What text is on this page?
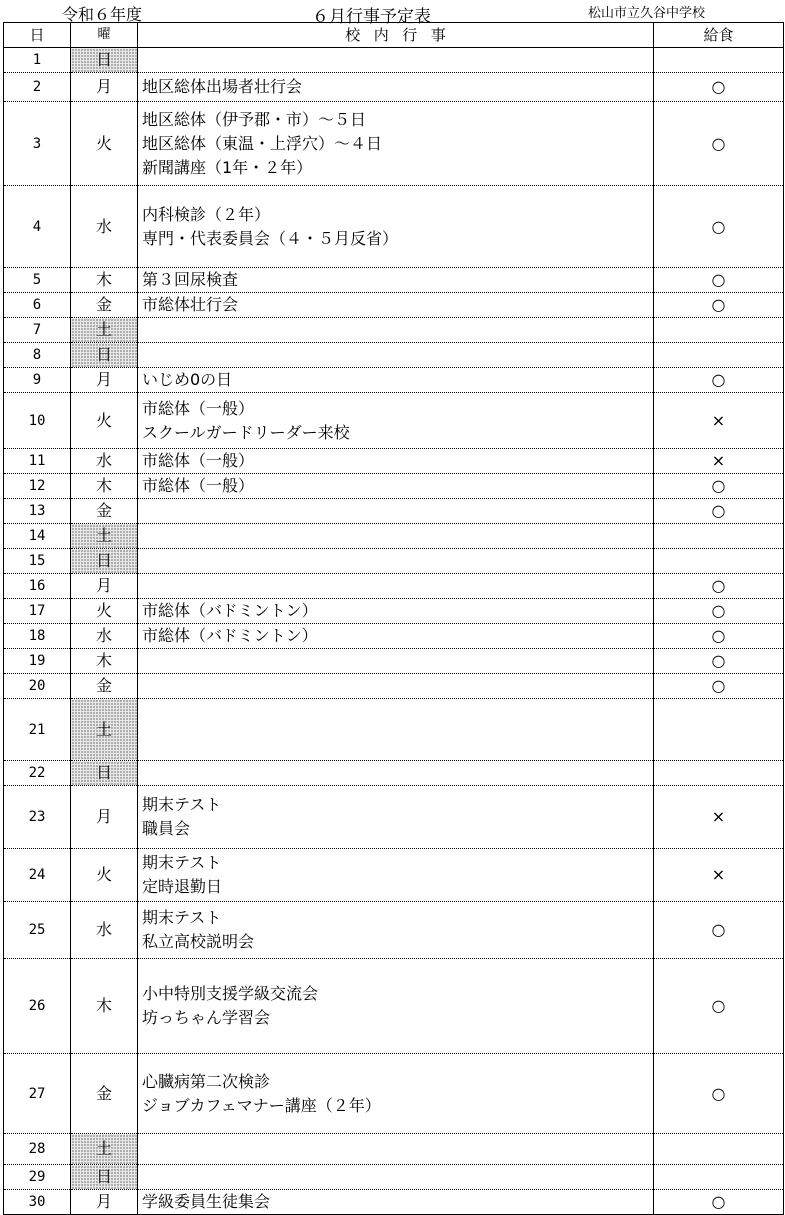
令和６年度	６月行事予定表	松山市立久谷中学校
日	曜	校内行事	給食
1	日		
2	月	地区総体出場者壮行会	○
3	火	地区総体（伊予郡・市）～５日
地区総体（東温・上浮穴）～４日
新聞講座（1年・２年）	○
4	水	内科検診（２年）
専門・代表委員会（４・５月反省）	○
5	木	第３回尿検査	○
6	金	市総体壮行会	○
7	土		
8	日		
9	月	いじめ0の日	○
10	火	市総体（一般）
スクールガードリーダー来校	×
11	水	市総体（一般）	×
12	木	市総体（一般）	○
13	金		○
14	土		
15	日		
16	月		○
17	火	市総体（バドミントン）	○
18	水	市総体（バドミントン）	○
19	木		○
20	金		○
21	土		
22	日		
23	月	期末テスト
職員会	×
24	火	期末テスト
定時退勤日	×
25	水	期末テスト
私立高校説明会	○
26	木	小中特別支援学級交流会
坊っちゃん学習会	○
27	金	心臓病第二次検診
ジョブカフェマナー講座（２年）	○
28	土		
29	日		
30	月	学級委員生徒集会	○
